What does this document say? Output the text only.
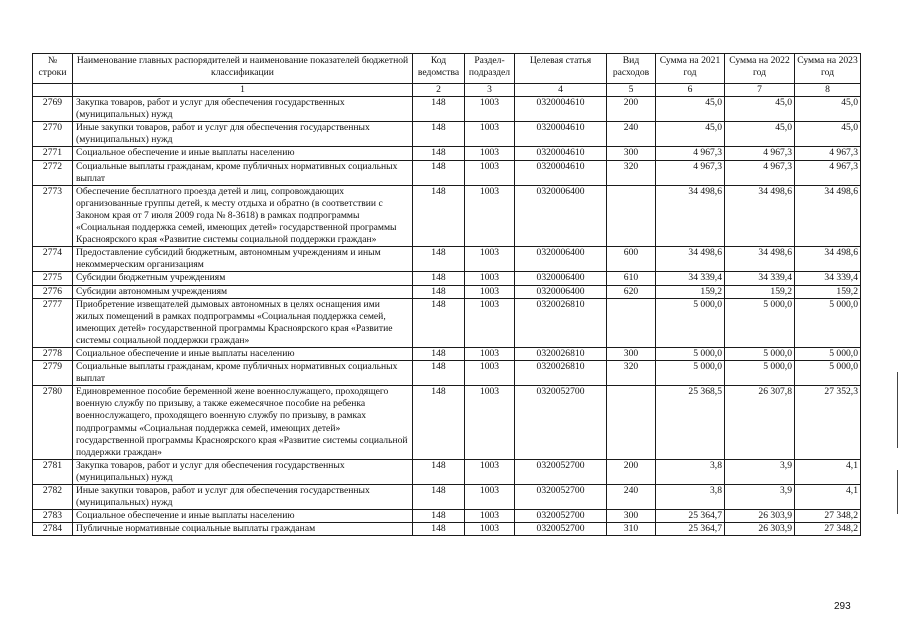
№ строки	Наименование главных распорядителей и наименование показателей бюджетной классификации	Код ведомства	Раздел-подраздел	Целевая статья	Вид расходов	Сумма на 2021 год	Сумма на 2022 год	Сумма на 2023 год
	1	2	3	4	5	6	7	8
2769	Закупка товаров, работ и услуг для обеспечения государственных (муниципальных) нужд	148	1003	0320004610	200	45,0	45,0	45,0
2770	Иные закупки товаров, работ и услуг для обеспечения государственных (муниципальных) нужд	148	1003	0320004610	240	45,0	45,0	45,0
2771	Социальное обеспечение и иные выплаты населению	148	1003	0320004610	300	4 967,3	4 967,3	4 967,3
2772	Социальные выплаты гражданам, кроме публичных нормативных социальных выплат	148	1003	0320004610	320	4 967,3	4 967,3	4 967,3
2773	Обеспечение бесплатного проезда детей и лиц, сопровождающих организованные группы детей, к месту отдыха и обратно (в соответствии с Законом края от 7 июля 2009 года № 8-3618) в рамках подпрограммы «Социальная поддержка семей, имеющих детей» государственной программы Красноярского края «Развитие системы социальной поддержки граждан»	148	1003	0320006400		34 498,6	34 498,6	34 498,6
2774	Предоставление субсидий бюджетным, автономным учреждениям и иным некоммерческим организациям	148	1003	0320006400	600	34 498,6	34 498,6	34 498,6
2775	Субсидии бюджетным учреждениям	148	1003	0320006400	610	34 339,4	34 339,4	34 339,4
2776	Субсидии автономным учреждениям	148	1003	0320006400	620	159,2	159,2	159,2
2777	Приобретение извещателей дымовых автономных в целях оснащения ими жилых помещений в рамках подпрограммы «Социальная поддержка семей, имеющих детей» государственной программы Красноярского края «Развитие системы социальной поддержки граждан»	148	1003	0320026810		5 000,0	5 000,0	5 000,0
2778	Социальное обеспечение и иные выплаты населению	148	1003	0320026810	300	5 000,0	5 000,0	5 000,0
2779	Социальные выплаты гражданам, кроме публичных нормативных социальных выплат	148	1003	0320026810	320	5 000,0	5 000,0	5 000,0
2780	Единовременное пособие беременной жене военнослужащего, проходящего военную службу по призыву, а также ежемесячное пособие на ребенка военнослужащего, проходящего военную службу по призыву, в рамках подпрограммы «Социальная поддержка семей, имеющих детей» государственной программы Красноярского края «Развитие системы социальной поддержки граждан»	148	1003	0320052700		25 368,5	26 307,8	27 352,3
2781	Закупка товаров, работ и услуг для обеспечения государственных (муниципальных) нужд	148	1003	0320052700	200	3,8	3,9	4,1
2782	Иные закупки товаров, работ и услуг для обеспечения государственных (муниципальных) нужд	148	1003	0320052700	240	3,8	3,9	4,1
2783	Социальное обеспечение и иные выплаты населению	148	1003	0320052700	300	25 364,7	26 303,9	27 348,2
2784	Публичные нормативные социальные выплаты гражданам	148	1003	0320052700	310	25 364,7	26 303,9	27 348,2
293
